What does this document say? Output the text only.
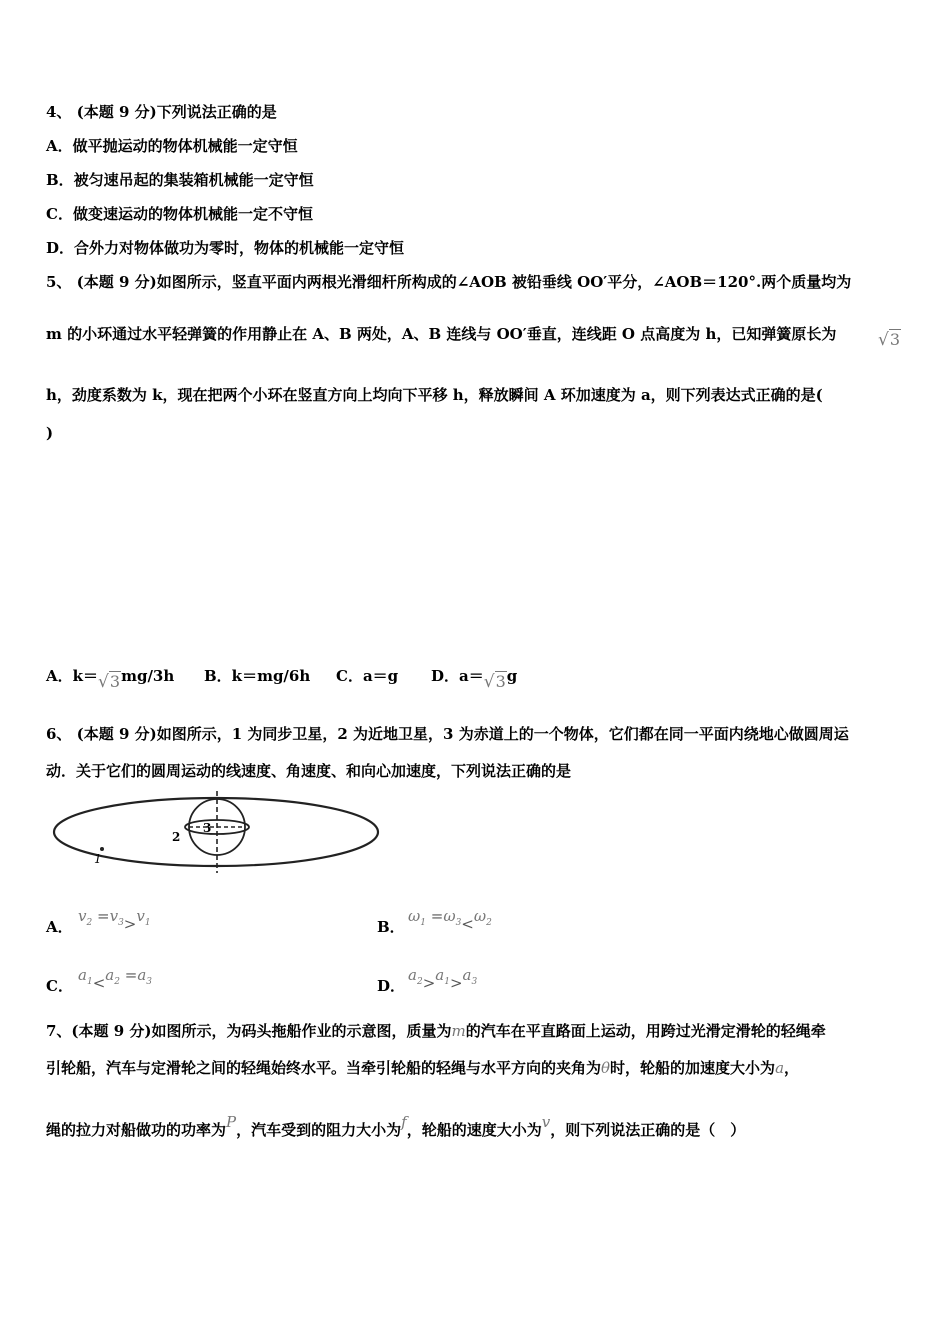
4、 (本题 9 分)下列说法正确的是
A．做平抛运动的物体机械能一定守恒
B．被匀速吊起的集装箱机械能一定守恒
C．做变速运动的物体机械能一定不守恒
D．合外力对物体做功为零时，物体的机械能一定守恒
5、 (本题 9 分)如图所示，竖直平面内两根光滑细杆所构成的∠AOB 被铅垂线 OO′平分，∠AOB＝120°.两个质量均为
m 的小环通过水平轻弹簧的作用静止在 A、B 两处，A、B 连线与 OO′垂直，连线距 O 点高度为 h，已知弹簧原长为 √3
h，劲度系数为 k，现在把两个小环在竖直方向上均向下平移 h，释放瞬间 A 环加速度为 a，则下列表达式正确的是(
)
A．k＝√3mg/3h B．k＝mg/6h C．a＝g D．a＝√3g
6、 (本题 9 分)如图所示，1 为同步卫星，2 为近地卫星，3 为赤道上的一个物体，它们都在同一平面内绕地心做圆周运
动．关于它们的圆周运动的线速度、角速度、和向心加速度，下列说法正确的是
1
2
3
A．
$v_2 =v_3>v_1$	B．
$\omega_1 =\omega_3<\omega_2$
C．
$a_1<a_2 =a_3$	D．
$a_2>a_1>a_3$
7、(本题 9 分)如图所示，为码头拖船作业的示意图，质量为m的汽车在平直路面上运动，用跨过光滑定滑轮的轻绳牵
引轮船，汽车与定滑轮之间的轻绳始终水平。当牵引轮船的轻绳与水平方向的夹角为θ时，轮船的加速度大小为a，
绳的拉力对船做功的功率为P，汽车受到的阻力大小为f，轮船的速度大小为v，则下列说法正确的是（　）
